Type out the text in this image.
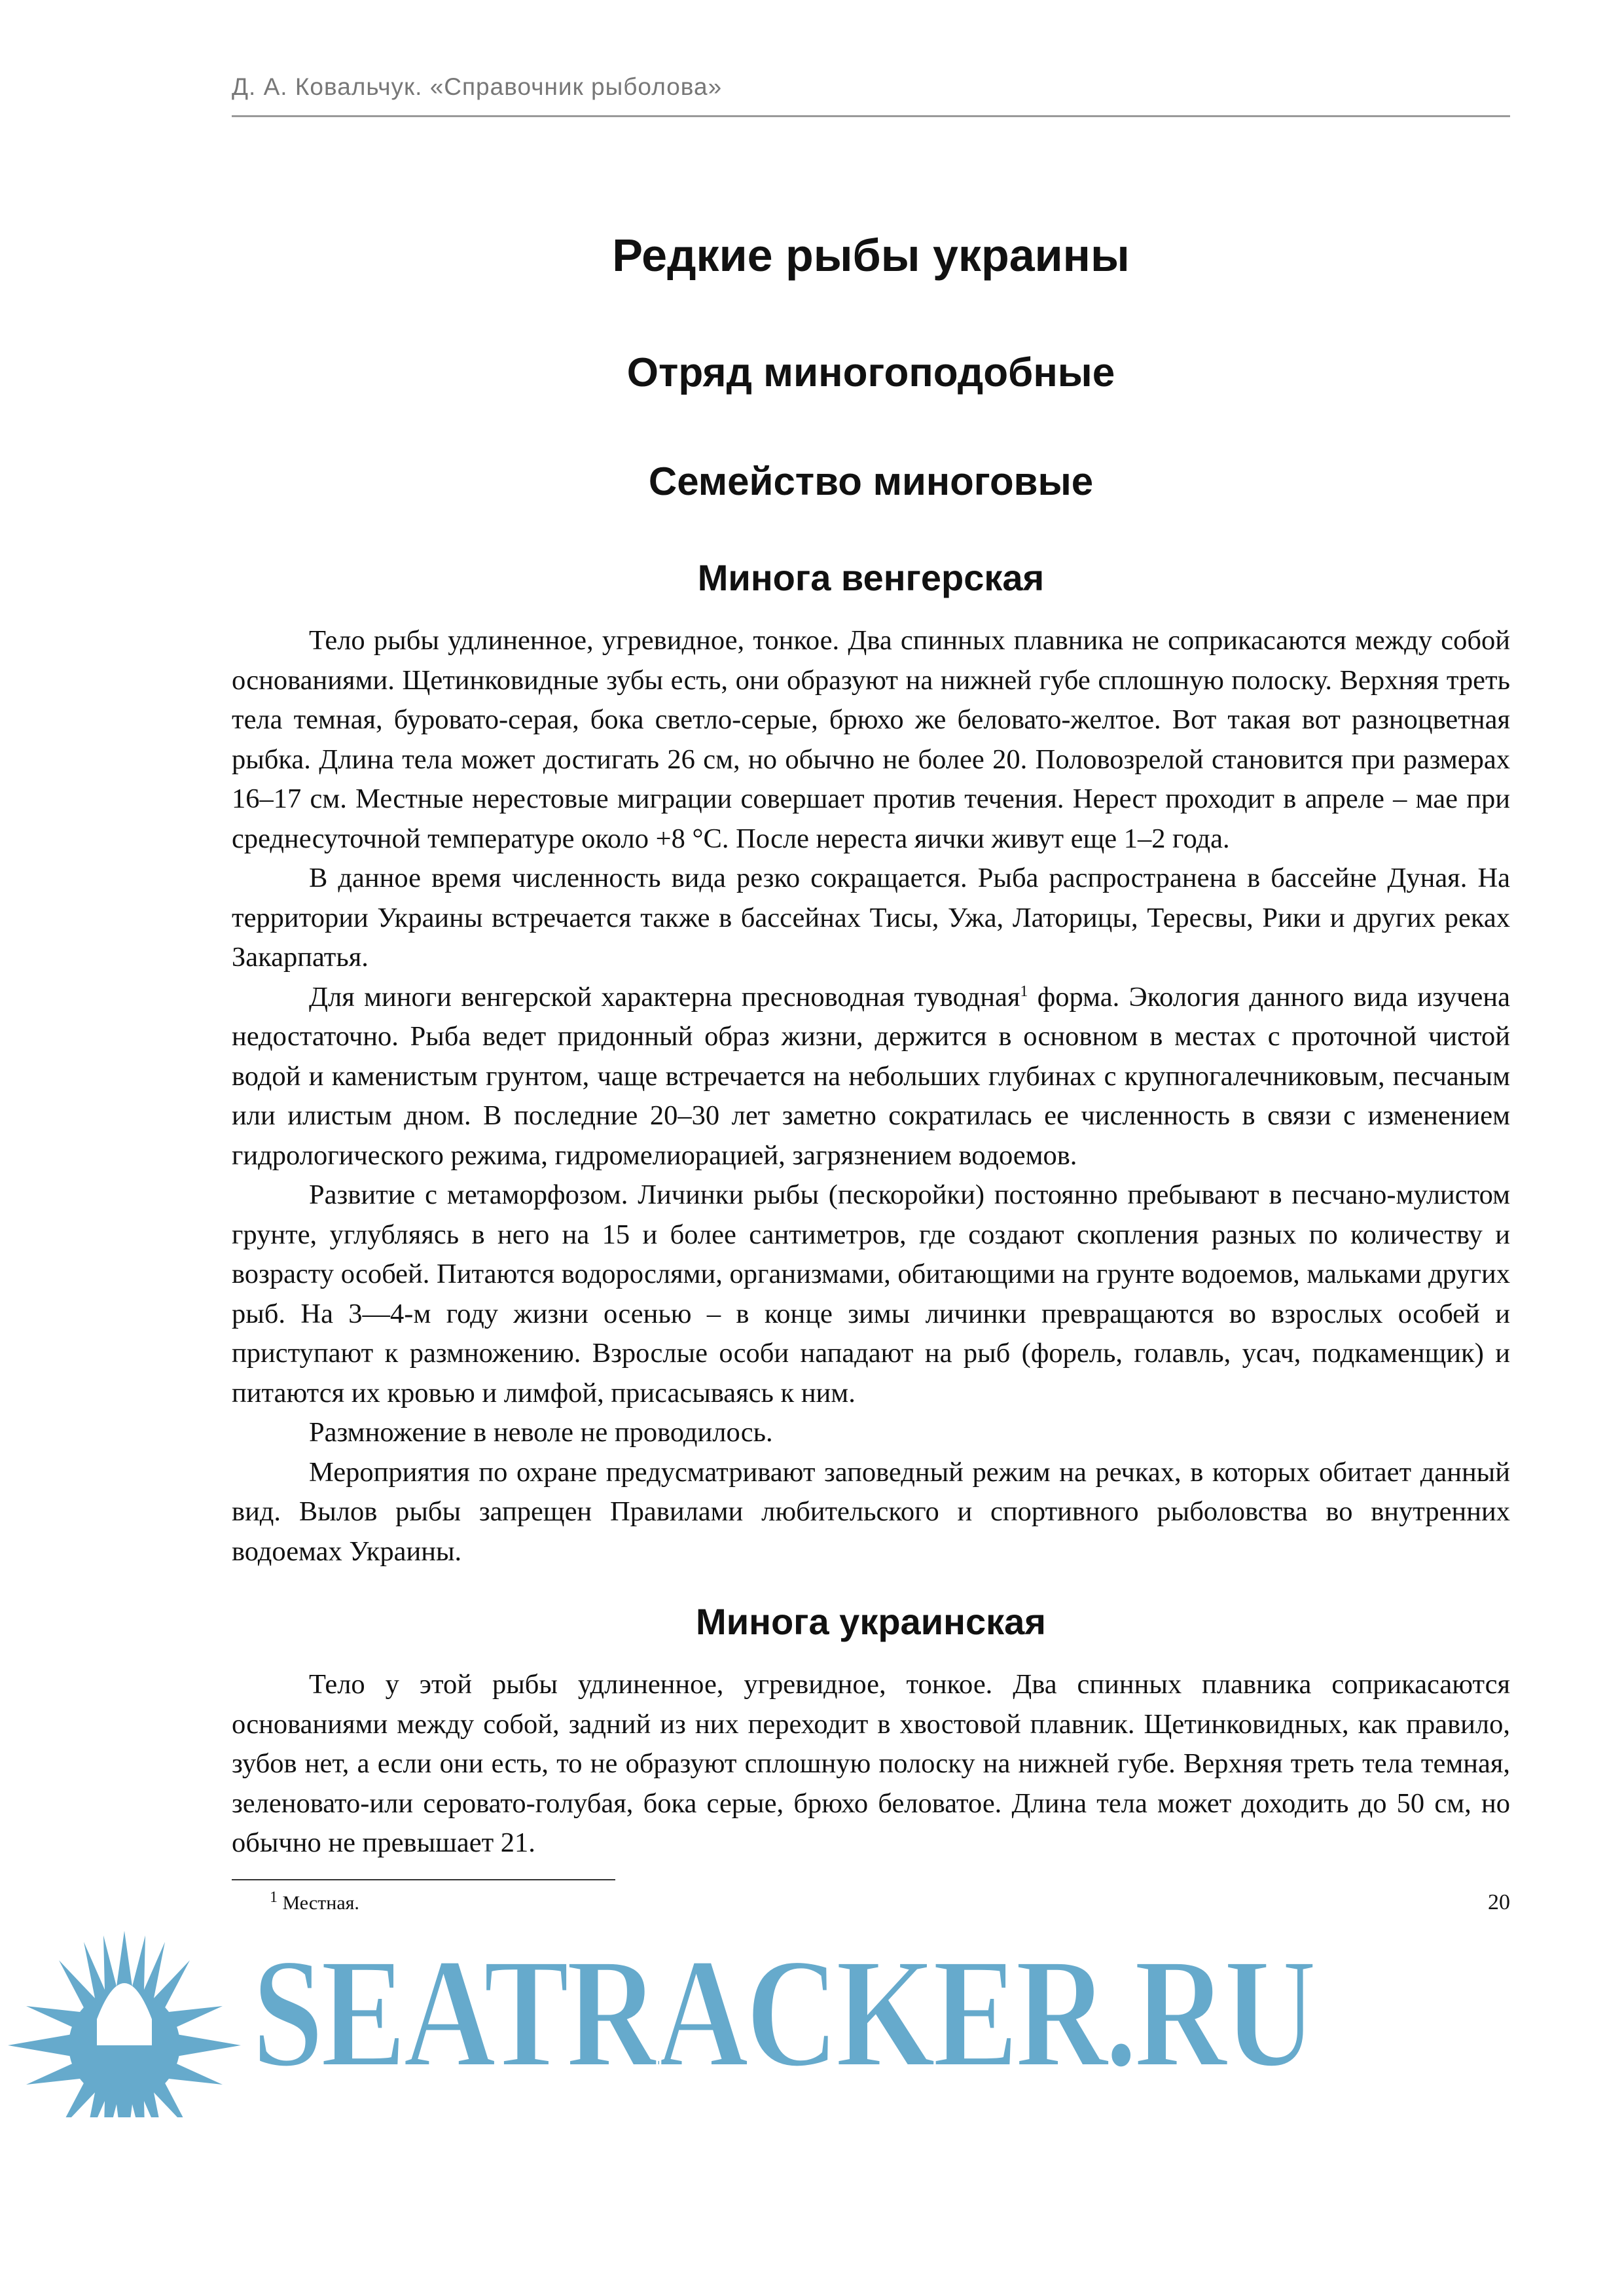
Д. А. Ковальчук. «Справочник рыболова»
Редкие рыбы украины
Отряд миногоподобные
Семейство миноговые
Минога венгерская

Тело рыбы удлиненное, угревидное, тонкое. Два спинных плавника не соприкасаются между собой основаниями. Щетинковидные зубы есть, они образуют на нижней губе сплошную полоску. Верхняя треть тела темная, буровато-серая, бока светло-серые, брюхо же беловато-желтое. Вот такая вот разноцветная рыбка. Длина тела может достигать 26 см, но обычно не более 20. Половозрелой становится при размерах 16–17 см. Местные нерестовые миграции совершает против течения. Нерест проходит в апреле – мае при среднесуточной температуре около +8 °С. После нереста яички живут еще 1–2 года.

В данное время численность вида резко сокращается. Рыба распространена в бассейне Дуная. На территории Украины встречается также в бассейнах Тисы, Ужа, Латорицы, Тересвы, Рики и других реках Закарпатья.

Для миноги венгерской характерна пресноводная туводная$^1$ форма. Экология данного вида изучена недостаточно. Рыба ведет придонный образ жизни, держится в основном в местах с проточной чистой водой и каменистым грунтом, чаще встречается на небольших глубинах с крупногалечниковым, песчаным или илистым дном. В последние 20–30 лет заметно сократилась ее численность в связи с изменением гидрологического режима, гидромелиорацией, загрязнением водоемов.

Развитие с метаморфозом. Личинки рыбы (пескоройки) постоянно пребывают в песчано-мулистом грунте, углубляясь в него на 15 и более сантиметров, где создают скопления разных по количеству и возрасту особей. Питаются водорослями, организмами, обитающими на грунте водоемов, мальками других рыб. На 3—4-м году жизни осенью – в конце зимы личинки превращаются во взрослых особей и приступают к размножению. Взрослые особи нападают на рыб (форель, голавль, усач, подкаменщик) и питаются их кровью и лимфой, присасываясь к ним.

Размножение в неволе не проводилось.

Мероприятия по охране предусматривают заповедный режим на речках, в которых обитает данный вид. Вылов рыбы запрещен Правилами любительского и спортивного рыболовства во внутренних водоемах Украины.

Минога украинская

Тело у этой рыбы удлиненное, угревидное, тонкое. Два спинных плавника соприкасаются основаниями между собой, задний из них переходит в хвостовой плавник. Щетинковидных, как правило, зубов нет, а если они есть, то не образуют сплошную полоску на нижней губе. Верхняя треть тела темная, зеленовато-или серовато-голубая, бока серые, брюхо беловатое. Длина тела может доходить до 50 см, но обычно не превышает 21.

$^1$ Местная.	20
SEATRACKER.RU
